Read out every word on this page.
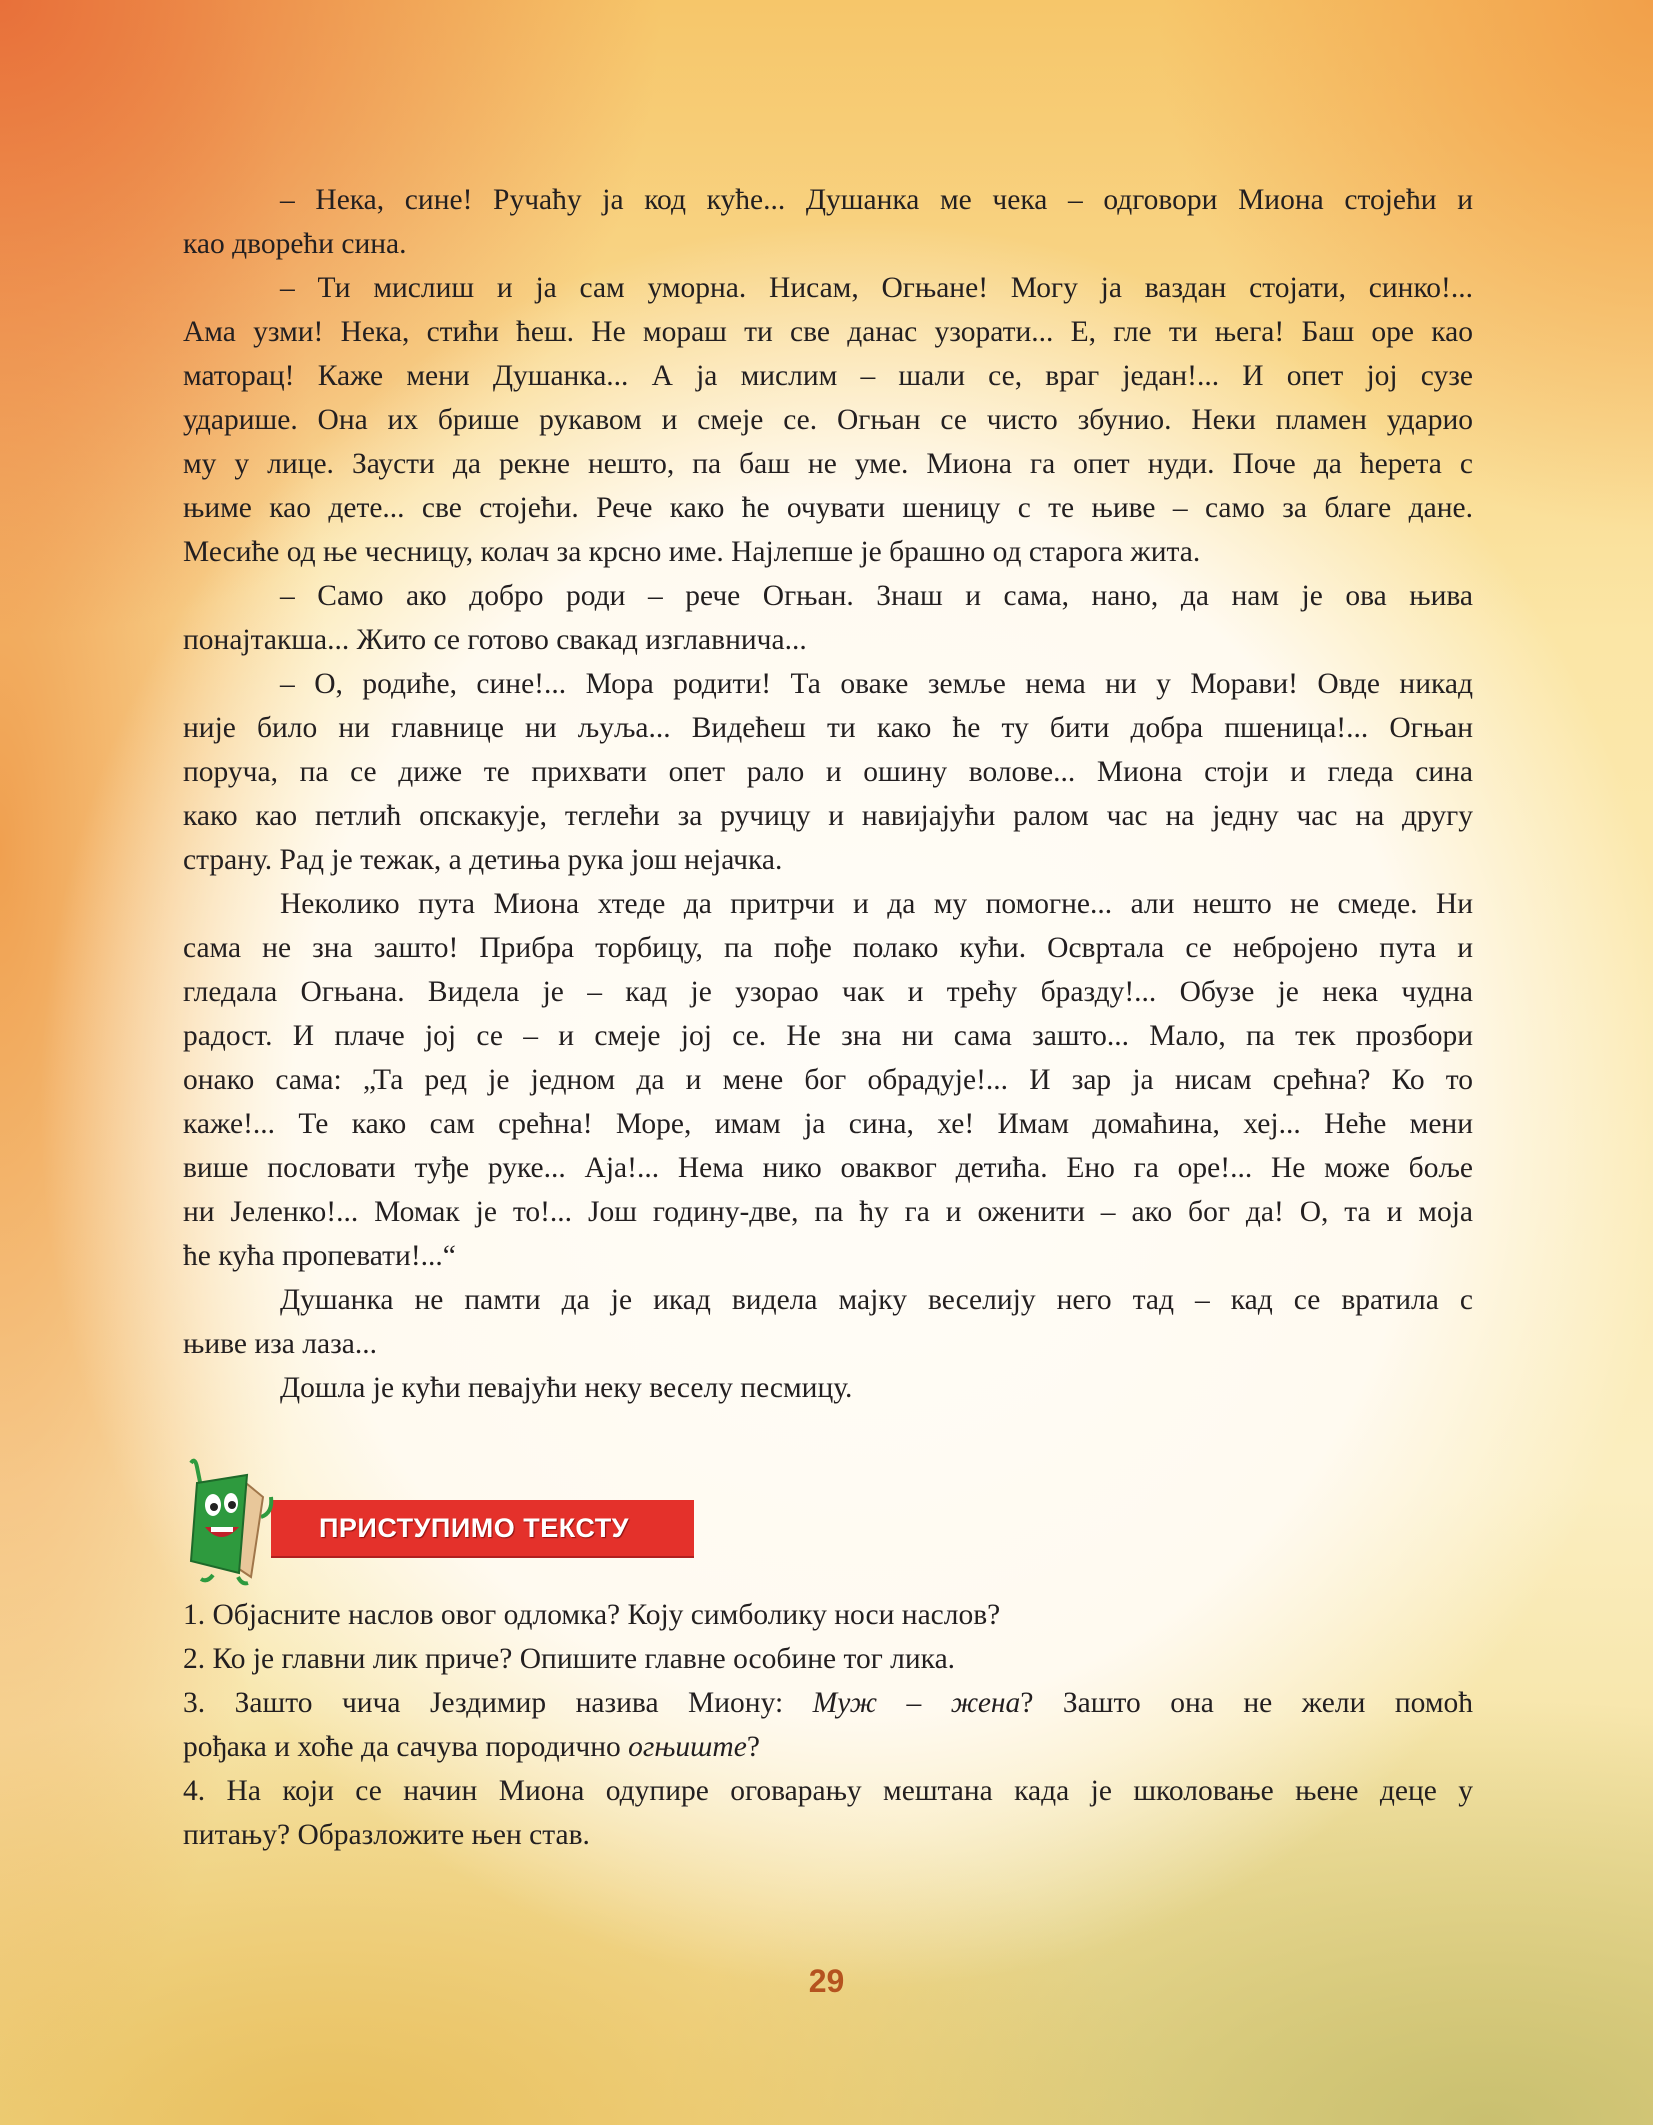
– Нека, сине! Ручаћу ја код куће... Душанка ме чека – одговори Миона стојећи и
као дворећи сина.
– Ти мислиш и ја сам уморна. Нисам, Огњане! Могу ја ваздан стојати, синко!...
Ама узми! Нека, стићи ћеш. Не мораш ти све данас узорати... Е, гле ти њега! Баш оре као
маторац! Каже мени Душанка... А ја мислим – шали се, враг један!... И опет јој сузе
ударише. Она их брише рукавом и смеје се. Огњан се чисто збунио. Неки пламен ударио
му у лице. Заусти да рекне нешто, па баш не уме. Миона га опет нуди. Поче да ћерета с
њиме као дете... све стојећи. Рече како ће очувати шеницу с те њиве – само за благе дане.
Месиће од ње чесницу, колач за крсно име. Најлепше је брашно од старога жита.
– Само ако добро роди – рече Огњан. Знаш и сама, нано, да нам је ова њива
понајтакша... Жито се готово свакад изглавнича...
– О, родиће, сине!... Мора родити! Та оваке земље нема ни у Морави! Овде никад
није било ни главнице ни љуља... Видећеш ти како ће ту бити добра пшеница!... Огњан
поруча, па се диже те прихвати опет рало и ошину волове... Миона стоји и гледа сина
како као петлић опскакује, теглећи за ручицу и навијајући ралом час на једну час на другу
страну. Рад је тежак, а детиња рука још нејачка.
Неколико пута Миона хтеде да притрчи и да му помогне... али нешто не смеде. Ни
сама не зна зашто! Прибра торбицу, па пође полако кући. Освртала се небројено пута и
гледала Огњана. Видела је – кад је узорао чак и трећу бразду!... Обузе је нека чудна
радост. И плаче јој се – и смеје јој се. Не зна ни сама зашто... Мало, па тек прозбори
онако сама: „Та ред је једном да и мене бог обрадује!... И зар ја нисам срећна? Ко то
каже!... Те како сам срећна! Море, имам ја сина, хе! Имам домаћина, хеј... Неће мени
више пословати туђе руке... Аја!... Нема нико оваквог детића. Ено га оре!... Не може боље
ни Јеленко!... Момак је то!... Још годину-две, па ћу га и оженити – ако бог да! О, та и моја
ће кућа пропевати!...“
Душанка не памти да је икад видела мајку веселију него тад – кад се вратила с
њиве иза лаза...
Дошла је кући певајући неку веселу песмицу.
ПРИСТУПИМО ТЕКСТУ
1. Објасните наслов овог одломка? Коју симболику носи наслов?
2. Ко је главни лик приче? Опишите главне особине тог лика.
3. Зашто чича Јездимир назива Миону: Муж – жена? Зашто она не жели помоћ
рођака и хоће да сачува породично огњиште?
4. На који се начин Миона одупире оговарању мештана када је школовање њене деце у
питању? Образложите њен став.
29
